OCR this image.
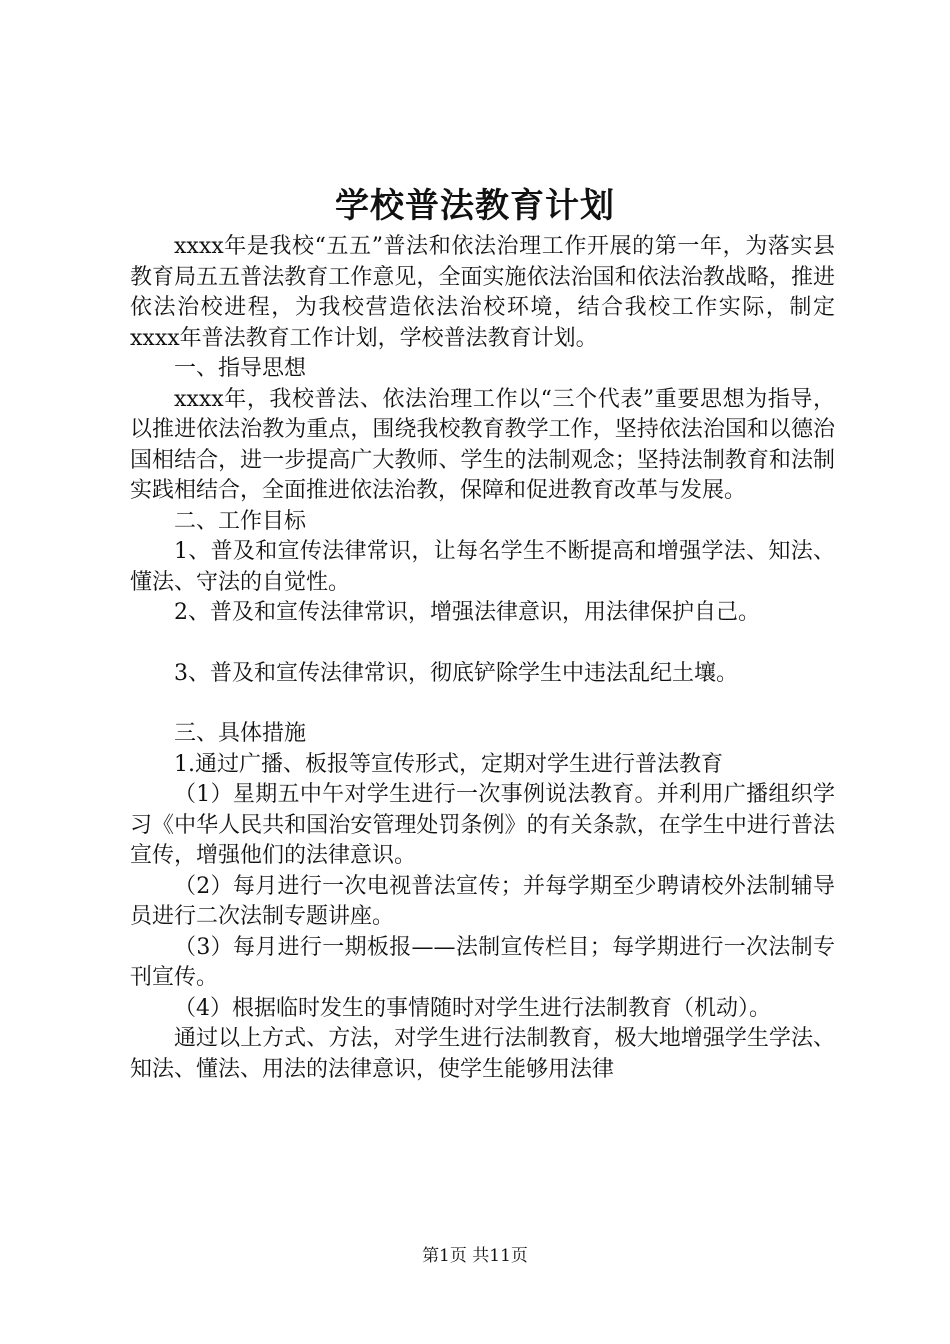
学校普法教育计划

xxxx年是我校“五五”普法和依法治理工作开展的第一年，为落实县教育局五五普法教育工作意见，全面实施依法治国和依法治教战略，推进依法治校进程，为我校营造依法治校环境，结合我校工作实际，制定xxxx年普法教育工作计划，学校普法教育计划。

一、指导思想

xxxx年，我校普法、依法治理工作以“三个代表”重要思想为指导，以推进依法治教为重点，围绕我校教育教学工作，坚持依法治国和以德治国相结合，进一步提高广大教师、学生的法制观念；坚持法制教育和法制实践相结合，全面推进依法治教，保障和促进教育改革与发展。

二、工作目标

1、普及和宣传法律常识，让每名学生不断提高和增强学法、知法、懂法、守法的自觉性。

2、普及和宣传法律常识，增强法律意识，用法律保护自己。

3、普及和宣传法律常识，彻底铲除学生中违法乱纪土壤。

三、具体措施

1.通过广播、板报等宣传形式，定期对学生进行普法教育

（1）星期五中午对学生进行一次事例说法教育。并利用广播组织学习《中华人民共和国治安管理处罚条例》的有关条款，在学生中进行普法宣传，增强他们的法律意识。

（2）每月进行一次电视普法宣传；并每学期至少聘请校外法制辅导员进行二次法制专题讲座。

（3）每月进行一期板报——法制宣传栏目；每学期进行一次法制专刊宣传。

（4）根据临时发生的事情随时对学生进行法制教育（机动）。

通过以上方式、方法，对学生进行法制教育，极大地增强学生学法、知法、懂法、用法的法律意识，使学生能够用法律

第1页 共11页
